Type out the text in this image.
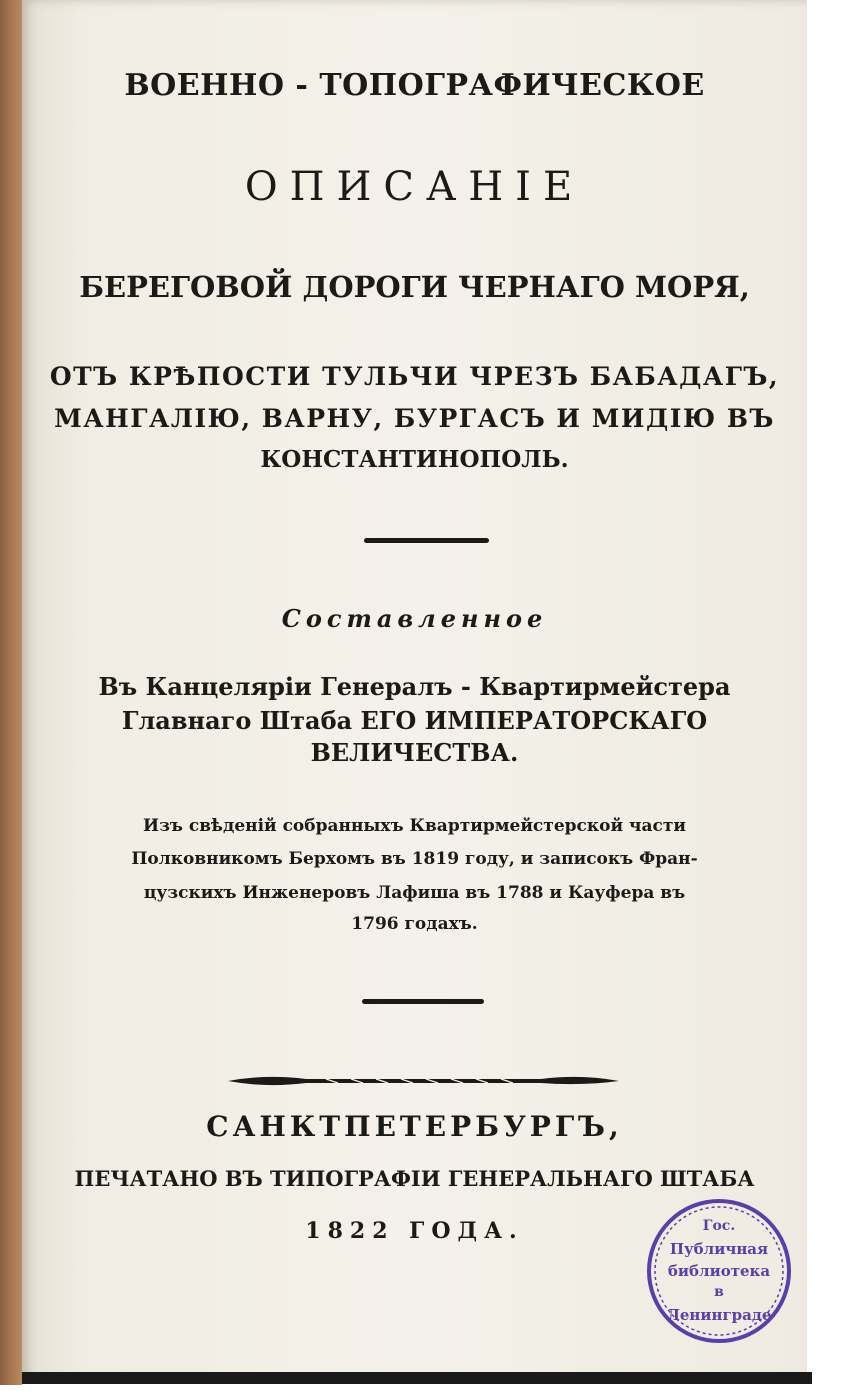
ВОЕННО - ТОПОГРАФИЧЕСКОЕ
ОПИСАНІЕ
БЕРЕГОВОЙ ДОРОГИ ЧЕРНАГО МОРЯ,
ОТЪ КРѢПОСТИ ТУЛЬЧИ ЧРЕЗЪ БАБАДАГЪ,
МАНГАЛІЮ, ВАРНУ, БУРГАСЪ И МИДІЮ ВЪ
КОНСТАНТИНОПОЛЬ.
Составленное
Въ Канцеляріи Генералъ - Квартирмейстера
Главнаго Штаба ЕГО ИМПЕРАТОРСКАГО
ВЕЛИЧЕСТВА.
Изъ свѣденій собранныхъ Квартирмейстерской части
Полковникомъ Берхомъ въ 1819 году, и записокъ Фран-
цузскихъ Инженеровъ Лафиша въ 1788 и Кауфера въ
1796 годахъ.
САНКТПЕТЕРБУРГЪ,
ПЕЧАТАНО ВЪ ТИПОГРАФІИ ГЕНЕРАЛЬНАГО ШТАБА
1822 ГОДА.	Гос.
Публичная
библиотека
в
Ленинграде
